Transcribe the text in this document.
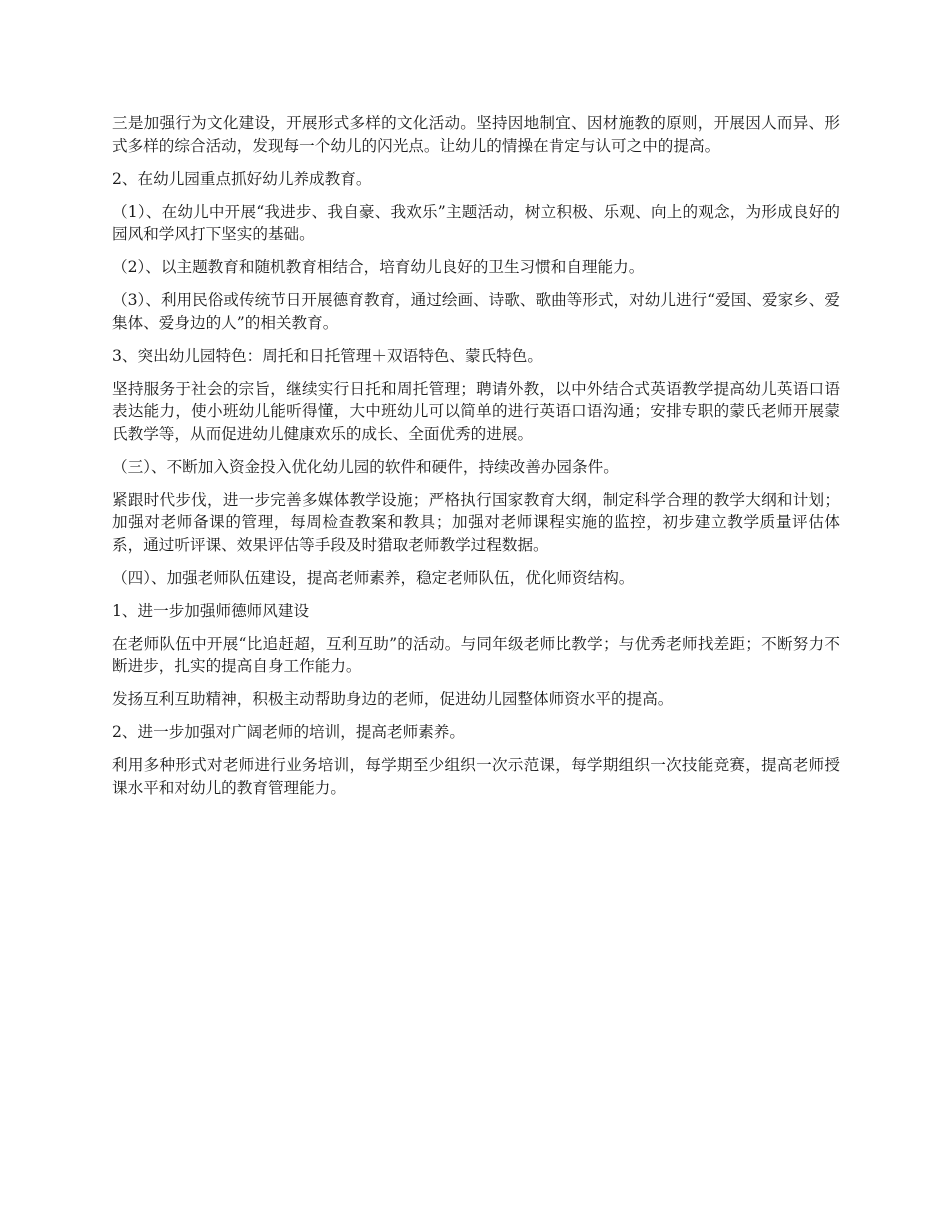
三是加强行为文化建设，开展形式多样的文化活动。坚持因地制宜、因材施教的原则，开展因人而异、形式多样的综合活动，发现每一个幼儿的闪光点。让幼儿的情操在肯定与认可之中的提高。

2、在幼儿园重点抓好幼儿养成教育。

（1）、在幼儿中开展“我进步、我自豪、我欢乐”主题活动，树立积极、乐观、向上的观念，为形成良好的园风和学风打下坚实的基础。

（2）、以主题教育和随机教育相结合，培育幼儿良好的卫生习惯和自理能力。

（3）、利用民俗或传统节日开展德育教育，通过绘画、诗歌、歌曲等形式，对幼儿进行“爱国、爱家乡、爱集体、爱身边的人”的相关教育。

3、突出幼儿园特色：周托和日托管理＋双语特色、蒙氏特色。

坚持服务于社会的宗旨，继续实行日托和周托管理；聘请外教，以中外结合式英语教学提高幼儿英语口语表达能力，使小班幼儿能听得懂，大中班幼儿可以简单的进行英语口语沟通；安排专职的蒙氏老师开展蒙氏教学等，从而促进幼儿健康欢乐的成长、全面优秀的进展。

（三）、不断加入资金投入优化幼儿园的软件和硬件，持续改善办园条件。

紧跟时代步伐，进一步完善多媒体教学设施；严格执行国家教育大纲，制定科学合理的教学大纲和计划；加强对老师备课的管理，每周检查教案和教具；加强对老师课程实施的监控，初步建立教学质量评估体系，通过听评课、效果评估等手段及时猎取老师教学过程数据。

（四）、加强老师队伍建设，提高老师素养，稳定老师队伍，优化师资结构。

1、进一步加强师德师风建设

在老师队伍中开展“比追赶超，互利互助”的活动。与同年级老师比教学；与优秀老师找差距；不断努力不断进步，扎实的提高自身工作能力。

发扬互利互助精神，积极主动帮助身边的老师，促进幼儿园整体师资水平的提高。

2、进一步加强对广阔老师的培训，提高老师素养。

利用多种形式对老师进行业务培训，每学期至少组织一次示范课，每学期组织一次技能竞赛，提高老师授课水平和对幼儿的教育管理能力。
